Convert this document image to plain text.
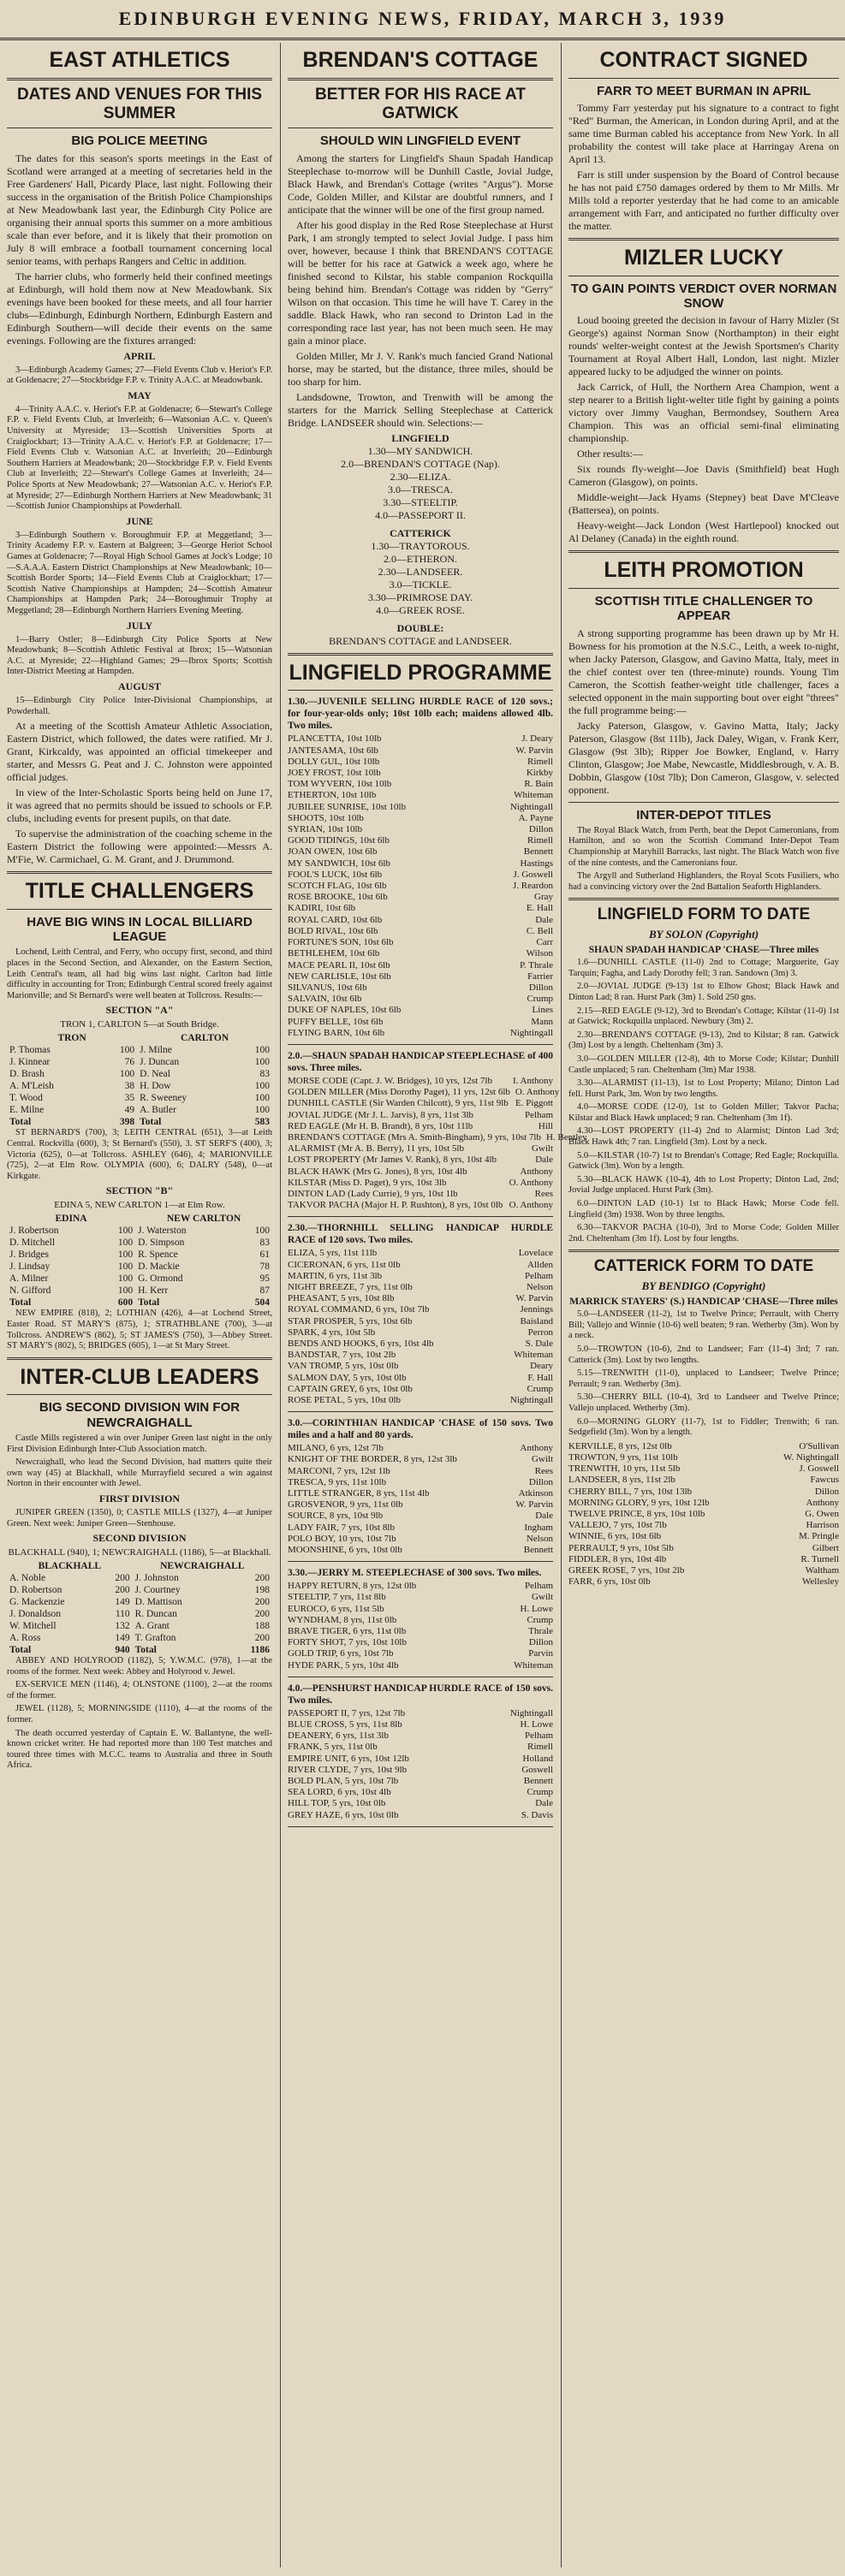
EDINBURGH EVENING NEWS, FRIDAY, MARCH 3, 1939
EAST ATHLETICS
DATES AND VENUES FOR THIS SUMMER
BIG POLICE MEETING

The dates for this season's sports meetings in the East of Scotland were arranged at a meeting of secretaries held in the Free Gardeners' Hall, Picardy Place, last night. Following their success in the organisation of the British Police Championships at New Meadowbank last year, the Edinburgh City Police are organising their annual sports this summer on a more ambitious scale than ever before, and it is likely that their promotion on July 8 will embrace a football tournament concerning local senior teams, with perhaps Rangers and Celtic in addition.

The harrier clubs, who formerly held their confined meetings at Edinburgh, will hold them now at New Meadowbank. Six evenings have been booked for these meets, and all four harrier clubs—Edinburgh, Edinburgh Northern, Edinburgh Eastern and Edinburgh Southern—will decide their events on the same evenings. Following are the fixtures arranged:

APRIL

3—Edinburgh Academy Games; 27—Field Events Club v. Heriot's F.P. at Goldenacre; 27—Stockbridge F.P. v. Trinity A.A.C. at Meadowbank.

MAY

4—Trinity A.A.C. v. Heriot's F.P. at Goldenacre; 6—Stewart's College F.P. v. Field Events Club, at Inverleith; 6—Watsonian A.C. v. Queen's University at Myreside; 13—Scottish Universities Sports at Craiglockhart; 13—Trinity A.A.C. v. Heriot's F.P. at Goldenacre; 17—Field Events Club v. Watsonian A.C. at Inverleith; 20—Edinburgh Southern Harriers at Meadowbank; 20—Stockbridge F.P. v. Field Events Club at Inverleith; 22—Stewart's College Games at Inverleith; 24—Police Sports at New Meadowbank; 27—Watsonian A.C. v. Heriot's F.P. at Myreside; 27—Edinburgh Northern Harriers at New Meadowbank; 31—Scottish Junior Championships at Powderhall.

JUNE

3—Edinburgh Southern v. Boroughmuir F.P. at Meggetland; 3—Trinity Academy F.P. v. Eastern at Balgreen; 3—George Heriot School Games at Goldenacre; 7—Royal High School Games at Jock's Lodge; 10—S.A.A.A. Eastern District Championships at New Meadowbank; 10—Scottish Border Sports; 14—Field Events Club at Craiglockhart; 17—Scottish Native Championships at Hampden; 24—Scottish Amateur Championships at Hampden Park; 24—Boroughmuir Trophy at Meggetland; 28—Edinburgh Northern Harriers Evening Meeting.

JULY

1—Barry Ostler; 8—Edinburgh City Police Sports at New Meadowbank; 8—Scottish Athletic Festival at Ibrox; 15—Watsonian A.C. at Myreside; 22—Highland Games; 29—Ibrox Sports; Scottish Inter-District Meeting at Hampden.

AUGUST

15—Edinburgh City Police Inter-Divisional Championships, at Powderhall.

At a meeting of the Scottish Amateur Athletic Association, Eastern District, which followed, the dates were ratified. Mr J. Grant, Kirkcaldy, was appointed an official timekeeper and starter, and Messrs G. Peat and J. C. Johnston were appointed official judges.

In view of the Inter-Scholastic Sports being held on June 17, it was agreed that no permits should be issued to schools or F.P. clubs, including events for present pupils, on that date.

To supervise the administration of the coaching scheme in the Eastern District the following were appointed:—Messrs A. M'Fie, W. Carmichael, G. M. Grant, and J. Drummond.

TITLE CHALLENGERS
HAVE BIG WINS IN LOCAL BILLIARD LEAGUE

Lochend, Leith Central, and Ferry, who occupy first, second, and third places in the Second Section, and Alexander, on the Eastern Section, Leith Central's team, all had big wins last night. Carlton had little difficulty in accounting for Tron; Edinburgh Central scored freely against Marionville; and St Bernard's were well beaten at Tollcross. Results:—

SECTION "A"
TRON 1, CARLTON 5—at South Bridge.
TRON		CARLTON	
P. Thomas	100	J. Milne	100
J. Kinnear	76	J. Duncan	100
D. Brash	100	D. Neal	83
A. M'Leish	38	H. Dow	100
T. Wood	35	R. Sweeney	100
E. Milne	49	A. Butler	100
Total	398	Total	583

ST BERNARD'S (700), 3; LEITH CENTRAL (651), 3—at Leith Central. Rockvilla (600), 3; St Bernard's (550), 3. ST SERF'S (400), 3; Victoria (625), 0—at Tollcross. ASHLEY (646), 4; MARIONVILLE (725), 2—at Elm Row. OLYMPIA (600), 6; DALRY (548), 0—at Kirkgate.

SECTION "B"
EDINA 5, NEW CARLTON 1—at Elm Row.
EDINA		NEW CARLTON	
J. Robertson	100	J. Waterston	100
D. Mitchell	100	D. Simpson	83
J. Bridges	100	R. Spence	61
J. Lindsay	100	D. Mackie	78
A. Milner	100	G. Ormond	95
N. Gifford	100	H. Kerr	87
Total	600	Total	504

NEW EMPIRE (818), 2; LOTHIAN (426), 4—at Lochend Street, Easter Road. ST MARY'S (875), 1; STRATHBLANE (700), 3—at Tollcross. ANDREW'S (862), 5; ST JAMES'S (750), 3—Abbey Street. ST MARY'S (802), 5; BRIDGES (605), 1—at St Mary Street.

INTER-CLUB LEADERS
BIG SECOND DIVISION WIN FOR NEWCRAIGHALL

Castle Mills registered a win over Juniper Green last night in the only First Division Edinburgh Inter-Club Association match.

Newcraighall, who lead the Second Division, had matters quite their own way (45) at Blackhall, while Murrayfield secured a win against Norton in their encounter with Jewel.

FIRST DIVISION

JUNIPER GREEN (1350), 0; CASTLE MILLS (1327), 4—at Juniper Green. Next week: Juniper Green—Stenhouse.

SECOND DIVISION
BLACKHALL (940), 1; NEWCRAIGHALL (1186), 5—at Blackhall.
BLACKHALL		NEWCRAIGHALL	
A. Noble	200	J. Johnston	200
D. Robertson	200	J. Courtney	198
G. Mackenzie	149	D. Mattison	200
J. Donaldson	110	R. Duncan	200
W. Mitchell	132	A. Grant	188
A. Ross	149	T. Grafton	200
Total	940	Total	1186

ABBEY AND HOLYROOD (1182), 5; Y.W.M.C. (978), 1—at the rooms of the former. Next week: Abbey and Holyrood v. Jewel.

EX-SERVICE MEN (1146), 4; OLNSTONE (1100), 2—at the rooms of the former.

JEWEL (1128), 5; MORNINGSIDE (1110), 4—at the rooms of the former.

The death occurred yesterday of Captain E. W. Ballantyne, the well-known cricket writer. He had reported more than 100 Test matches and toured three times with M.C.C. teams to Australia and three in South Africa.

BRENDAN'S COTTAGE
BETTER FOR HIS RACE AT GATWICK
SHOULD WIN LINGFIELD EVENT

Among the starters for Lingfield's Shaun Spadah Handicap Steeplechase to-morrow will be Dunhill Castle, Jovial Judge, Black Hawk, and Brendan's Cottage (writes "Argus"). Morse Code, Golden Miller, and Kilstar are doubtful runners, and I anticipate that the winner will be one of the first group named.

After his good display in the Red Rose Steeplechase at Hurst Park, I am strongly tempted to select Jovial Judge. I pass him over, however, because I think that BRENDAN'S COTTAGE will be better for his race at Gatwick a week ago, where he finished second to Kilstar, his stable companion Rockquilla being behind him. Brendan's Cottage was ridden by "Gerry" Wilson on that occasion. This time he will have T. Carey in the saddle. Black Hawk, who ran second to Drinton Lad in the corresponding race last year, has not been much seen. He may gain a minor place.

Golden Miller, Mr J. V. Rank's much fancied Grand National horse, may be started, but the distance, three miles, should be too sharp for him.

Landsdowne, Trowton, and Trenwith will be among the starters for the Marrick Selling Steeplechase at Catterick Bridge. LANDSEER should win. Selections:—

LINGFIELD
1.30—MY SANDWICH.
2.0—BRENDAN'S COTTAGE (Nap).
2.30—ELIZA.
3.0—TRESCA.
3.30—STEELTIP.
4.0—PASSEPORT II.
CATTERICK
1.30—TRAYTOROUS.
2.0—ETHERON.
2.30—LANDSEER.
3.0—TICKLE.
3.30—PRIMROSE DAY.
4.0—GREEK ROSE.
DOUBLE:
BRENDAN'S COTTAGE and LANDSEER.
LINGFIELD PROGRAMME

1.30.—JUVENILE SELLING HURDLE RACE of 120 sovs.; for four-year-olds only; 10st 10lb each; maidens allowed 4lb. Two miles.

PLANCETTA, 10st 10lb	J. Deary
JANTESAMA, 10st 6lb	W. Parvin
DOLLY GUL, 10st 10lb	Rimell
JOEY FROST, 10st 10lb	Kirkby
TOM WYVERN, 10st 10lb	R. Bain
ETHERTON, 10st 10lb	Whiteman
JUBILEE SUNRISE, 10st 10lb	Nightingall
SHOOTS, 10st 10lb	A. Payne
SYRIAN, 10st 10lb	Dillon
GOOD TIDINGS, 10st 6lb	Rimell
JOAN OWEN, 10st 6lb	Bennett
MY SANDWICH, 10st 6lb	Hastings
FOOL'S LUCK, 10st 6lb	J. Goswell
SCOTCH FLAG, 10st 6lb	J. Reardon
ROSE BROOKE, 10st 6lb	Gray
KADIRI, 10st 6lb	E. Hall
ROYAL CARD, 10st 6lb	Dale
BOLD RIVAL, 10st 6lb	C. Bell
FORTUNE'S SON, 10st 6lb	Carr
BETHLEHEM, 10st 6lb	Wilson
MACE PEARL II, 10st 6lb	P. Thrale
NEW CARLISLE, 10st 6lb	Farrier
SILVANUS, 10st 6lb	Dillon
SALVAIN, 10st 6lb	Crump
DUKE OF NAPLES, 10st 6lb	Lines
PUFFY BELLE, 10st 6lb	Mann
FLYING BARN, 10st 6lb	Nightingall

2.0.—SHAUN SPADAH HANDICAP STEEPLECHASE of 400 sovs. Three miles.

MORSE CODE (Capt. J. W. Bridges), 10 yrs, 12st 7lb	I. Anthony
GOLDEN MILLER (Miss Dorothy Paget), 11 yrs, 12st 6lb O. Anthony
DUNHILL CASTLE (Sir Warden Chilcott), 9 yrs, 11st 9lb E. Piggott
JOVIAL JUDGE (Mr J. L. Jarvis), 8 yrs, 11st 3lb	Pelham
RED EAGLE (Mr H. B. Brandt), 8 yrs, 10st 11lb	Hill
BRENDAN'S COTTAGE (Mrs A. Smith-Bingham), 9 yrs, 10st 7lb H. Bentley
ALARMIST (Mr A. B. Berry), 11 yrs, 10st 5lb	Gwilt
LOST PROPERTY (Mr James V. Rank), 8 yrs, 10st 4lb	Dale
BLACK HAWK (Mrs G. Jones), 8 yrs, 10st 4lb	Anthony
KILSTAR (Miss D. Paget), 9 yrs, 10st 3lb	O. Anthony
DINTON LAD (Lady Currie), 9 yrs, 10st 1lb	Rees
TAKVOR PACHA (Major H. P. Rushton), 8 yrs, 10st 0lb O. Anthony

2.30.—THORNHILL SELLING HANDICAP HURDLE RACE of 120 sovs. Two miles.

ELIZA, 5 yrs, 11st 11lb	Lovelace
CICERONAN, 6 yrs, 11st 0lb	Allden
MARTIN, 6 yrs, 11st 3lb	Pelham
NIGHT BREEZE, 7 yrs, 11st 0lb	Nelson
PHEASANT, 5 yrs, 10st 8lb	W. Parvin
ROYAL COMMAND, 6 yrs, 10st 7lb	Jennings
STAR PROSPER, 5 yrs, 10st 6lb	Baisland
SPARK, 4 yrs, 10st 5lb	Perron
BENDS AND HOOKS, 6 yrs, 10st 4lb	S. Dale
BANDSTAR, 7 yrs, 10st 2lb	Whiteman
VAN TROMP, 5 yrs, 10st 0lb	Deary
SALMON DAY, 5 yrs, 10st 0lb	F. Hall
CAPTAIN GREY, 6 yrs, 10st 0lb	Crump
ROSE PETAL, 5 yrs, 10st 0lb	Nightingall

3.0.—CORINTHIAN HANDICAP 'CHASE of 150 sovs. Two miles and a half and 80 yards.

MILANO, 6 yrs, 12st 7lb	Anthony
KNIGHT OF THE BORDER, 8 yrs, 12st 3lb	Gwilt
MARCONI, 7 yrs, 12st 1lb	Rees
TRESCA, 9 yrs, 11st 10lb	Dillon
LITTLE STRANGER, 8 yrs, 11st 4lb	Atkinson
GROSVENOR, 9 yrs, 11st 0lb	W. Parvin
SOURCE, 8 yrs, 10st 9lb	Dale
LADY FAIR, 7 yrs, 10st 8lb	Ingham
POLO BOY, 10 yrs, 10st 7lb	Nelson
MOONSHINE, 6 yrs, 10st 0lb	Bennett

3.30.—JERRY M. STEEPLECHASE of 300 sovs. Two miles.

HAPPY RETURN, 8 yrs, 12st 0lb	Pelham
STEELTIP, 7 yrs, 11st 8lb	Gwilt
EUROCO, 6 yrs, 11st 5lb	H. Lowe
WYNDHAM, 8 yrs, 11st 0lb	Crump
BRAVE TIGER, 6 yrs, 11st 0lb	Thrale
FORTY SHOT, 7 yrs, 10st 10lb	Dillon
GOLD TRIP, 6 yrs, 10st 7lb	Parvin
HYDE PARK, 5 yrs, 10st 4lb	Whiteman

4.0.—PENSHURST HANDICAP HURDLE RACE of 150 sovs. Two miles.

PASSEPORT II, 7 yrs, 12st 7lb	Nightingall
BLUE CROSS, 5 yrs, 11st 8lb	H. Lowe
DEANERY, 6 yrs, 11st 3lb	Pelham
FRANK, 5 yrs, 11st 0lb	Rimell
EMPIRE UNIT, 6 yrs, 10st 12lb	Holland
RIVER CLYDE, 7 yrs, 10st 9lb	Goswell
BOLD PLAN, 5 yrs, 10st 7lb	Bennett
SEA LORD, 6 yrs, 10st 4lb	Crump
HILL TOP, 5 yrs, 10st 0lb	Dale
GREY HAZE, 6 yrs, 10st 0lb	S. Davis
CONTRACT SIGNED
FARR TO MEET BURMAN IN APRIL

Tommy Farr yesterday put his signature to a contract to fight "Red" Burman, the American, in London during April, and at the same time Burman cabled his acceptance from New York. In all probability the contest will take place at Harringay Arena on April 13.

Farr is still under suspension by the Board of Control because he has not paid £750 damages ordered by them to Mr Mills. Mr Mills told a reporter yesterday that he had come to an amicable arrangement with Farr, and anticipated no further difficulty over the matter.

MIZLER LUCKY
TO GAIN POINTS VERDICT OVER NORMAN SNOW

Loud booing greeted the decision in favour of Harry Mizler (St George's) against Norman Snow (Northampton) in their eight rounds' welter-weight contest at the Jewish Sportsmen's Charity Tournament at Royal Albert Hall, London, last night. Mizler appeared lucky to be adjudged the winner on points.

Jack Carrick, of Hull, the Northern Area Champion, went a step nearer to a British light-welter title fight by gaining a points victory over Jimmy Vaughan, Bermondsey, Southern Area Champion. This was an official semi-final eliminating championship.

Other results:—

Six rounds fly-weight—Joe Davis (Smithfield) beat Hugh Cameron (Glasgow), on points.

Middle-weight—Jack Hyams (Stepney) beat Dave M'Cleave (Battersea), on points.

Heavy-weight—Jack London (West Hartlepool) knocked out Al Delaney (Canada) in the eighth round.

LEITH PROMOTION
SCOTTISH TITLE CHALLENGER TO APPEAR

A strong supporting programme has been drawn up by Mr H. Bowness for his promotion at the N.S.C., Leith, a week to-night, when Jacky Paterson, Glasgow, and Gavino Matta, Italy, meet in the chief contest over ten (three-minute) rounds. Young Tim Cameron, the Scottish feather-weight title challenger, faces a selected opponent in the main supporting bout over eight "threes" the full programme being:—

Jacky Paterson, Glasgow, v. Gavino Matta, Italy; Jacky Paterson, Glasgow (8st 11lb), Jack Daley, Wigan, v. Frank Kerr, Glasgow (9st 3lb); Ripper Joe Bowker, England, v. Harry Clinton, Glasgow; Joe Mabe, Newcastle, Middlesbrough, v. A. B. Dobbin, Glasgow (10st 7lb); Don Cameron, Glasgow, v. selected opponent.

INTER-DEPOT TITLES

The Royal Black Watch, from Perth, beat the Depot Cameronians, from Hamilton, and so won the Scottish Command Inter-Depot Team Championship at Maryhill Barracks, last night. The Black Watch won five of the nine contests, and the Cameronians four.

The Argyll and Sutherland Highlanders, the Royal Scots Fusiliers, who had a convincing victory over the 2nd Battalion Seaforth Highlanders.

LINGFIELD FORM TO DATE
BY SOLON (Copyright)
SHAUN SPADAH HANDICAP 'CHASE—Three miles

1.6—DUNHILL CASTLE (11-0) 2nd to Cottage; Marguerite, Gay Tarquin; Fagha, and Lady Dorothy fell; 3 ran. Sandown (3m) 3.

2.0—JOVIAL JUDGE (9-13) 1st to Elhow Ghost; Black Hawk and Dinton Lad; 8 ran. Hurst Park (3m) 1. Sold 250 gns.

2.15—RED EAGLE (9-12), 3rd to Brendan's Cottage; Kilstar (11-0) 1st at Gatwick; Rockquilla unplaced. Newbury (3m) 2.

2.30—BRENDAN'S COTTAGE (9-13), 2nd to Kilstar; 8 ran. Gatwick (3m) Lost by a length. Cheltenham (3m) 3.

3.0—GOLDEN MILLER (12-8), 4th to Morse Code; Kilstar; Dunhill Castle unplaced; 5 ran. Cheltenham (3m) Mar 1938.

3.30—ALARMIST (11-13), 1st to Lost Property; Milano; Dinton Lad fell. Hurst Park, 3m. Won by two lengths.

4.0—MORSE CODE (12-0), 1st to Golden Miller; Takvor Pacha; Kilstar and Black Hawk unplaced; 9 ran. Cheltenham (3m 1f).

4.30—LOST PROPERTY (11-4) 2nd to Alarmist; Dinton Lad 3rd; Black Hawk 4th; 7 ran. Lingfield (3m). Lost by a neck.

5.0—KILSTAR (10-7) 1st to Brendan's Cottage; Red Eagle; Rockquilla. Gatwick (3m). Won by a length.

5.30—BLACK HAWK (10-4), 4th to Lost Property; Dinton Lad, 2nd; Jovial Judge unplaced. Hurst Park (3m).

6.0—DINTON LAD (10-1) 1st to Black Hawk; Morse Code fell. Lingfield (3m) 1938. Won by three lengths.

6.30—TAKVOR PACHA (10-0), 3rd to Morse Code; Golden Miller 2nd. Cheltenham (3m 1f). Lost by four lengths.

CATTERICK FORM TO DATE
BY BENDIGO (Copyright)
MARRICK STAYERS' (S.) HANDICAP 'CHASE—Three miles

5.0—LANDSEER (11-2), 1st to Twelve Prince; Perrault, with Cherry Bill; Vallejo and Winnie (10-6) well beaten; 9 ran. Wetherby (3m). Won by a neck.

5.0—TROWTON (10-6), 2nd to Landseer; Farr (11-4) 3rd; 7 ran. Catterick (3m). Lost by two lengths.

5.15—TRENWITH (11-0), unplaced to Landseer; Twelve Prince; Perrault; 9 ran. Wetherby (3m).

5.30—CHERRY BILL (10-4), 3rd to Landseer and Twelve Prince; Vallejo unplaced. Wetherby (3m).

6.0—MORNING GLORY (11-7), 1st to Fiddler; Trenwith; 6 ran. Sedgefield (3m). Won by a length.

KERVILLE, 8 yrs, 12st 0lb	O'Sullivan
TROWTON, 9 yrs, 11st 10lb	W. Nightingall
TRENWITH, 10 yrs, 11st 5lb	J. Goswell
LANDSEER, 8 yrs, 11st 2lb	Fawcus
CHERRY BILL, 7 yrs, 10st 13lb	Dillon
MORNING GLORY, 9 yrs, 10st 12lb	Anthony
TWELVE PRINCE, 8 yrs, 10st 10lb	G. Owen
VALLEJO, 7 yrs, 10st 7lb	Harrison
WINNIE, 6 yrs, 10st 6lb	M. Pringle
PERRAULT, 9 yrs, 10st 5lb	Gilbert
FIDDLER, 8 yrs, 10st 4lb	R. Turnell
GREEK ROSE, 7 yrs, 10st 2lb	Waltham
FARR, 6 yrs, 10st 0lb	Wellesley
